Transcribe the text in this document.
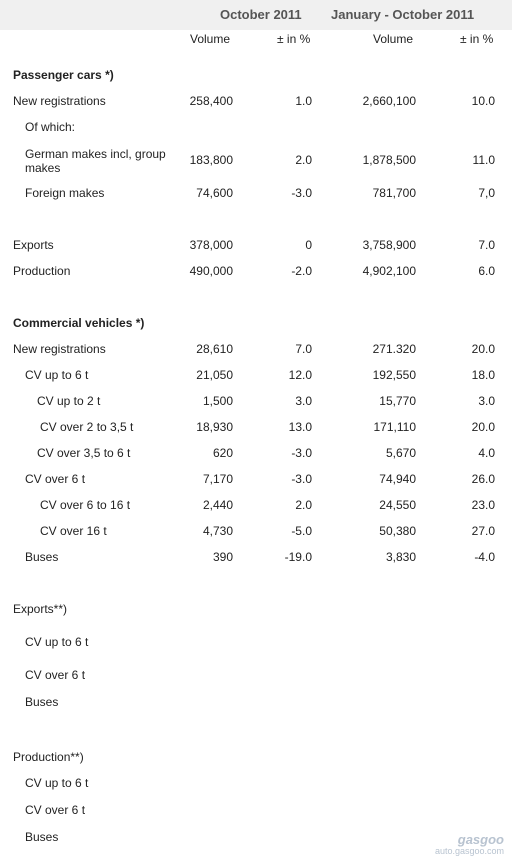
October 2011 January - October 2011
Volume	± in %	Volume	± in %
Passenger cars *)
New registrations	258,400	1.0	2,660,100	10.0
Of which:
German makes incl, group makes
183,800	2.0	1,878,500	11.0
Foreign makes	74,600	-3.0	781,700	7,0
Exports	378,000	0	3,758,900	7.0
Production	490,000	-2.0	4,902,100	6.0
Commercial vehicles *)
New registrations	28,610	7.0	271.320	20.0
CV up to 6 t	21,050	12.0	192,550	18.0
CV up to 2 t	1,500	3.0	15,770	3.0
CV over 2 to 3,5 t	18,930	13.0	171,110	20.0
CV over 3,5 to 6 t	620	-3.0	5,670	4.0
CV over 6 t	7,170	-3.0	74,940	26.0
CV over 6 to 16 t	2,440	2.0	24,550	23.0
CV over 16 t	4,730	-5.0	50,380	27.0
Buses	390	-19.0	3,830	-4.0
Exports**)
CV up to 6 t
CV over 6 t
Buses
Production**)
CV up to 6 t
CV over 6 t
Buses	gasgoo
auto.gasgoo.com
